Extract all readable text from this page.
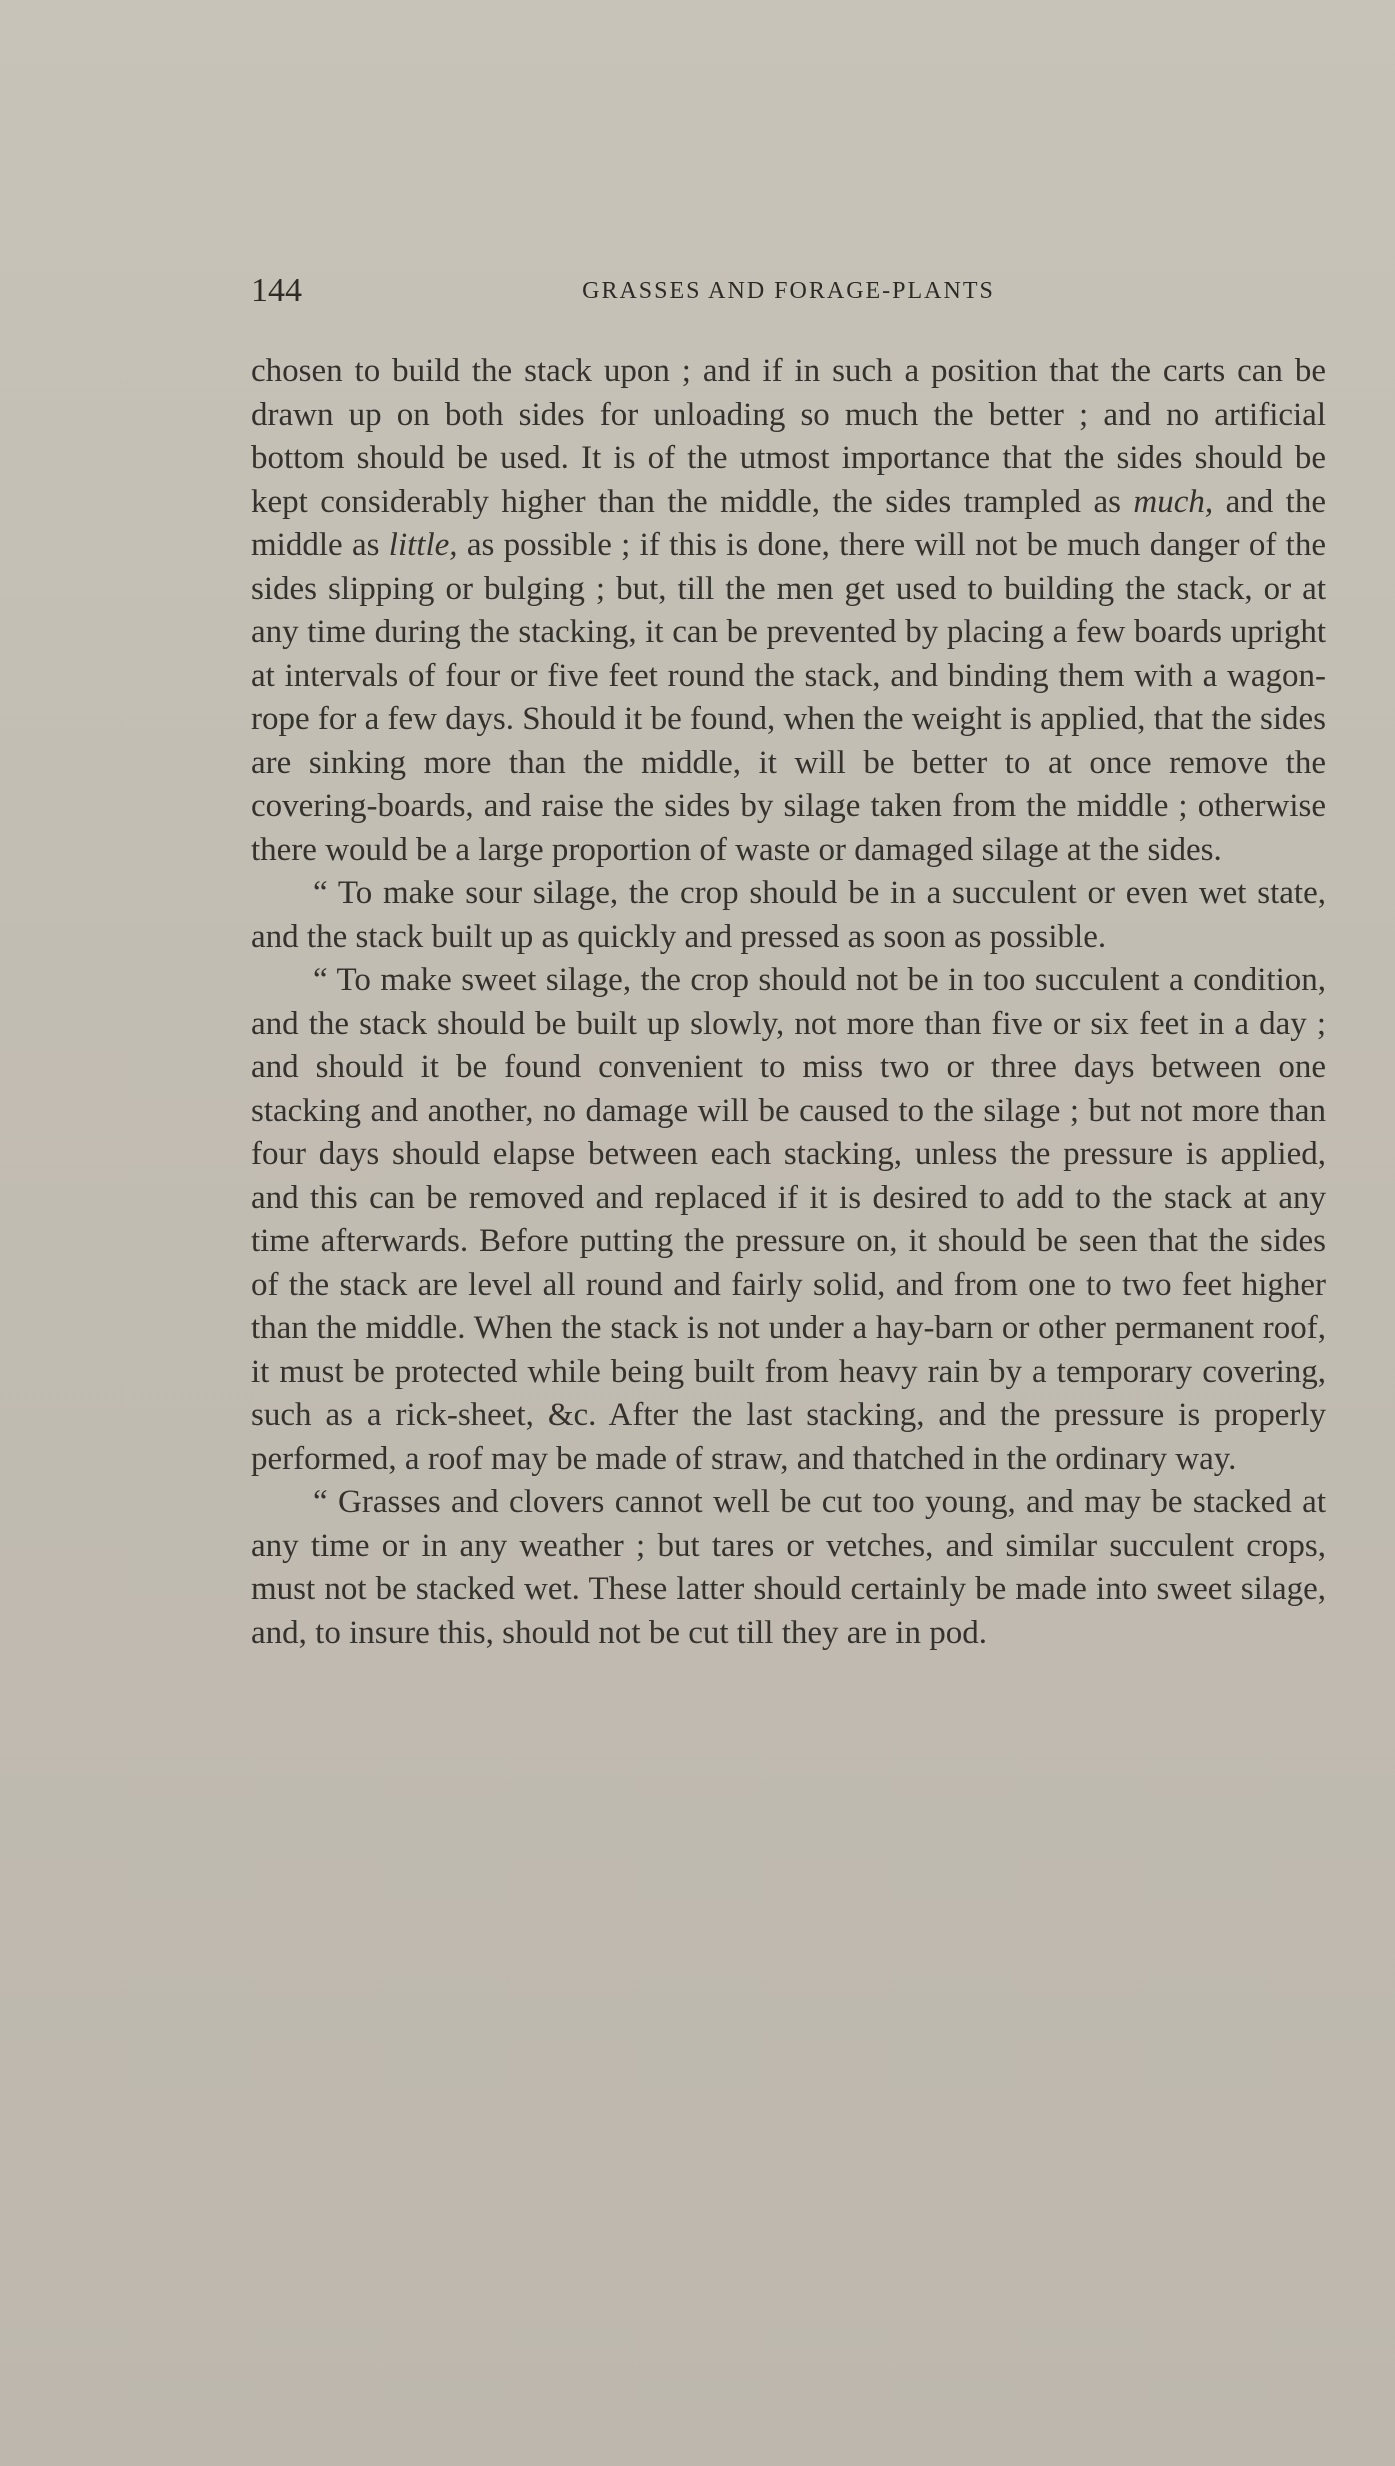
144	GRASSES AND FORAGE-PLANTS

chosen to build the stack upon ; and if in such a position that the carts can be drawn up on both sides for unloading so much the better ; and no artificial bottom should be used. It is of the utmost importance that the sides should be kept considerably higher than the middle, the sides trampled as much, and the middle as little, as possible ; if this is done, there will not be much danger of the sides slipping or bulging ; but, till the men get used to building the stack, or at any time during the stacking, it can be prevented by placing a few boards upright at intervals of four or five feet round the stack, and binding them with a wagon-rope for a few days. Should it be found, when the weight is applied, that the sides are sinking more than the middle, it will be better to at once remove the covering-boards, and raise the sides by silage taken from the middle ; otherwise there would be a large proportion of waste or damaged silage at the sides.

“ To make sour silage, the crop should be in a succulent or even wet state, and the stack built up as quickly and pressed as soon as possible.

“ To make sweet silage, the crop should not be in too succulent a condition, and the stack should be built up slowly, not more than five or six feet in a day ; and should it be found convenient to miss two or three days between one stacking and another, no damage will be caused to the silage ; but not more than four days should elapse between each stacking, unless the pressure is applied, and this can be removed and replaced if it is desired to add to the stack at any time afterwards. Before putting the pressure on, it should be seen that the sides of the stack are level all round and fairly solid, and from one to two feet higher than the middle. When the stack is not under a hay-barn or other permanent roof, it must be protected while being built from heavy rain by a temporary covering, such as a rick-sheet, &c. After the last stacking, and the pressure is properly performed, a roof may be made of straw, and thatched in the ordinary way.

“ Grasses and clovers cannot well be cut too young, and may be stacked at any time or in any weather ; but tares or vetches, and similar succulent crops, must not be stacked wet. These latter should certainly be made into sweet silage, and, to insure this, should not be cut till they are in pod.
